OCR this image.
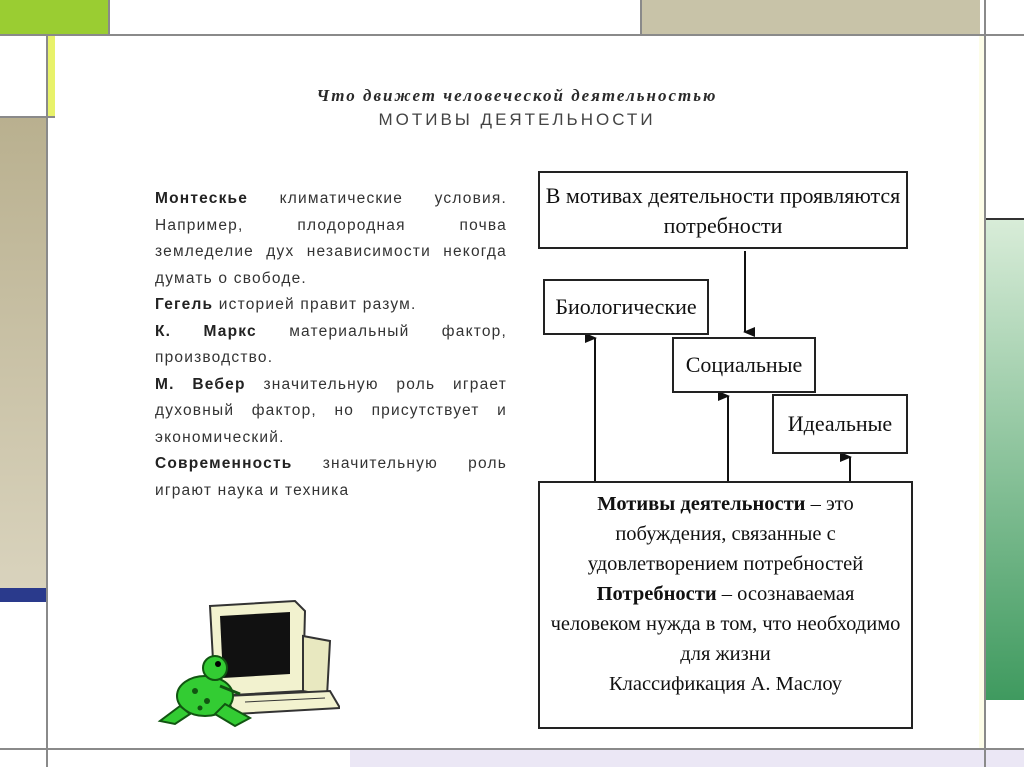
Что движет человеческой деятельностью
МОТИВЫ ДЕЯТЕЛЬНОСТИ

Монтескье климатические условия. Например, плодородная почва земледелие дух независимости некогда думать о свободе.

Гегель историей правит разум.

К. Маркс материальный фактор, производство.

М. Вебер значительную роль играет духовный фактор, но присутствует и экономический.

Современность значительную роль играют наука и техника

В мотивах деятельности проявляются потребности
Биологические
Социальные
Идеальные
Мотивы деятельности – это побуждения, связанные с удовлетворением потребностей
Потребности – осознаваемая человеком нужда в том, что необходимо для жизни
Классификация А. Маслоу
